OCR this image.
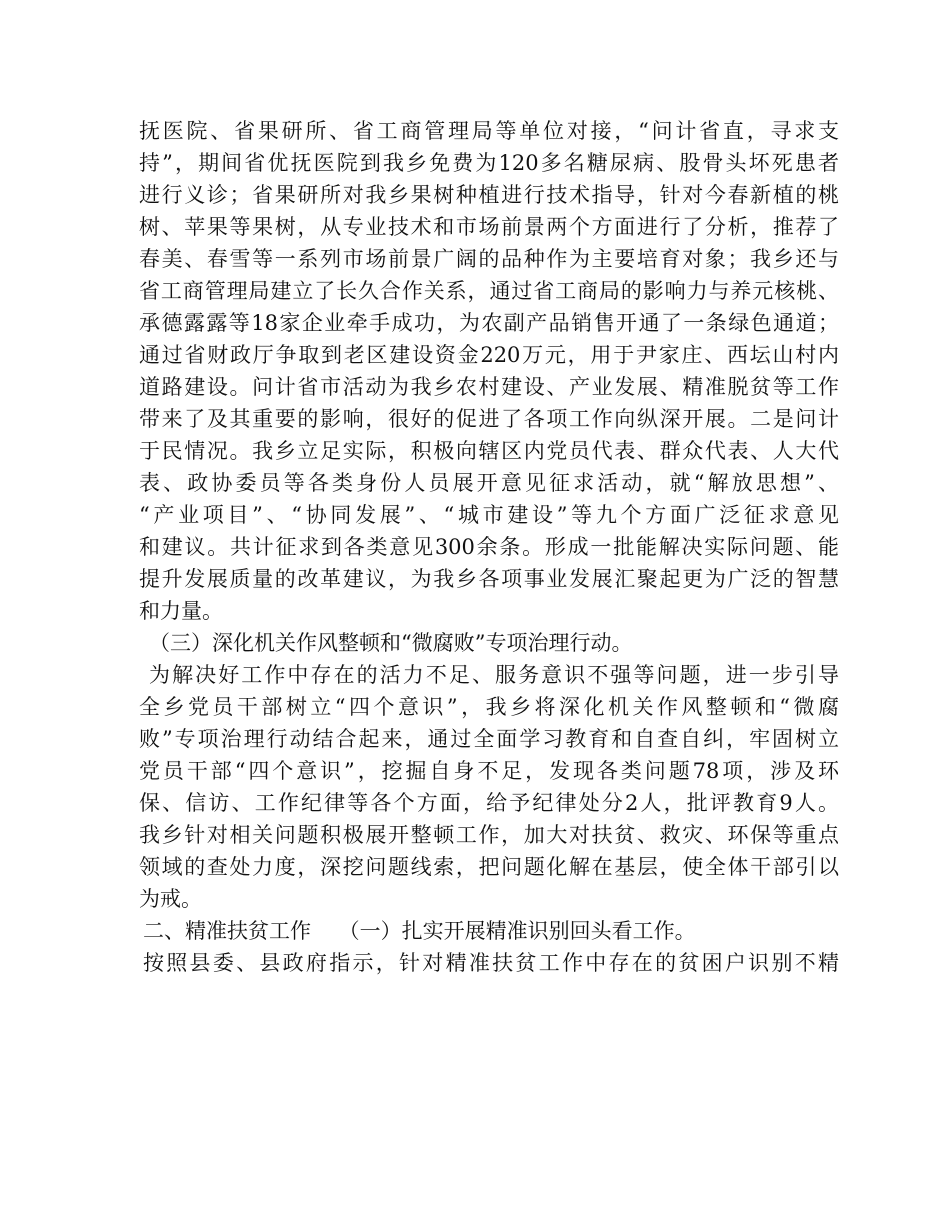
抚医院、省果研所、省工商管理局等单位对接，“问计省直，寻求支
持”，期间省优抚医院到我乡免费为120多名糖尿病、股骨头坏死患者
进行义诊；省果研所对我乡果树种植进行技术指导，针对今春新植的桃
树、苹果等果树，从专业技术和市场前景两个方面进行了分析，推荐了
春美、春雪等一系列市场前景广阔的品种作为主要培育对象；我乡还与
省工商管理局建立了长久合作关系，通过省工商局的影响力与养元核桃、
承德露露等18家企业牵手成功，为农副产品销售开通了一条绿色通道；
通过省财政厅争取到老区建设资金220万元，用于尹家庄、西坛山村内
道路建设。问计省市活动为我乡农村建设、产业发展、精准脱贫等工作
带来了及其重要的影响，很好的促进了各项工作向纵深开展。二是问计
于民情况。我乡立足实际，积极向辖区内党员代表、群众代表、人大代
表、政协委员等各类身份人员展开意见征求活动，就“解放思想”、
“产业项目”、“协同发展”、“城市建设”等九个方面广泛征求意见
和建议。共计征求到各类意见300余条。形成一批能解决实际问题、能
提升发展质量的改革建议，为我乡各项事业发展汇聚起更为广泛的智慧
和力量。
（三）深化机关作风整顿和“微腐败”专项治理行动。
为解决好工作中存在的活力不足、服务意识不强等问题，进一步引导
全乡党员干部树立“四个意识”，我乡将深化机关作风整顿和“微腐
败”专项治理行动结合起来，通过全面学习教育和自查自纠，牢固树立
党员干部“四个意识”，挖掘自身不足，发现各类问题78项，涉及环
保、信访、工作纪律等各个方面，给予纪律处分2人，批评教育9人。
我乡针对相关问题积极展开整顿工作，加大对扶贫、救灾、环保等重点
领域的查处力度，深挖问题线索，把问题化解在基层，使全体干部引以
为戒。
二、精准扶贫工作　 （一）扎实开展精准识别回头看工作。
按照县委、县政府指示，针对精准扶贫工作中存在的贫困户识别不精
